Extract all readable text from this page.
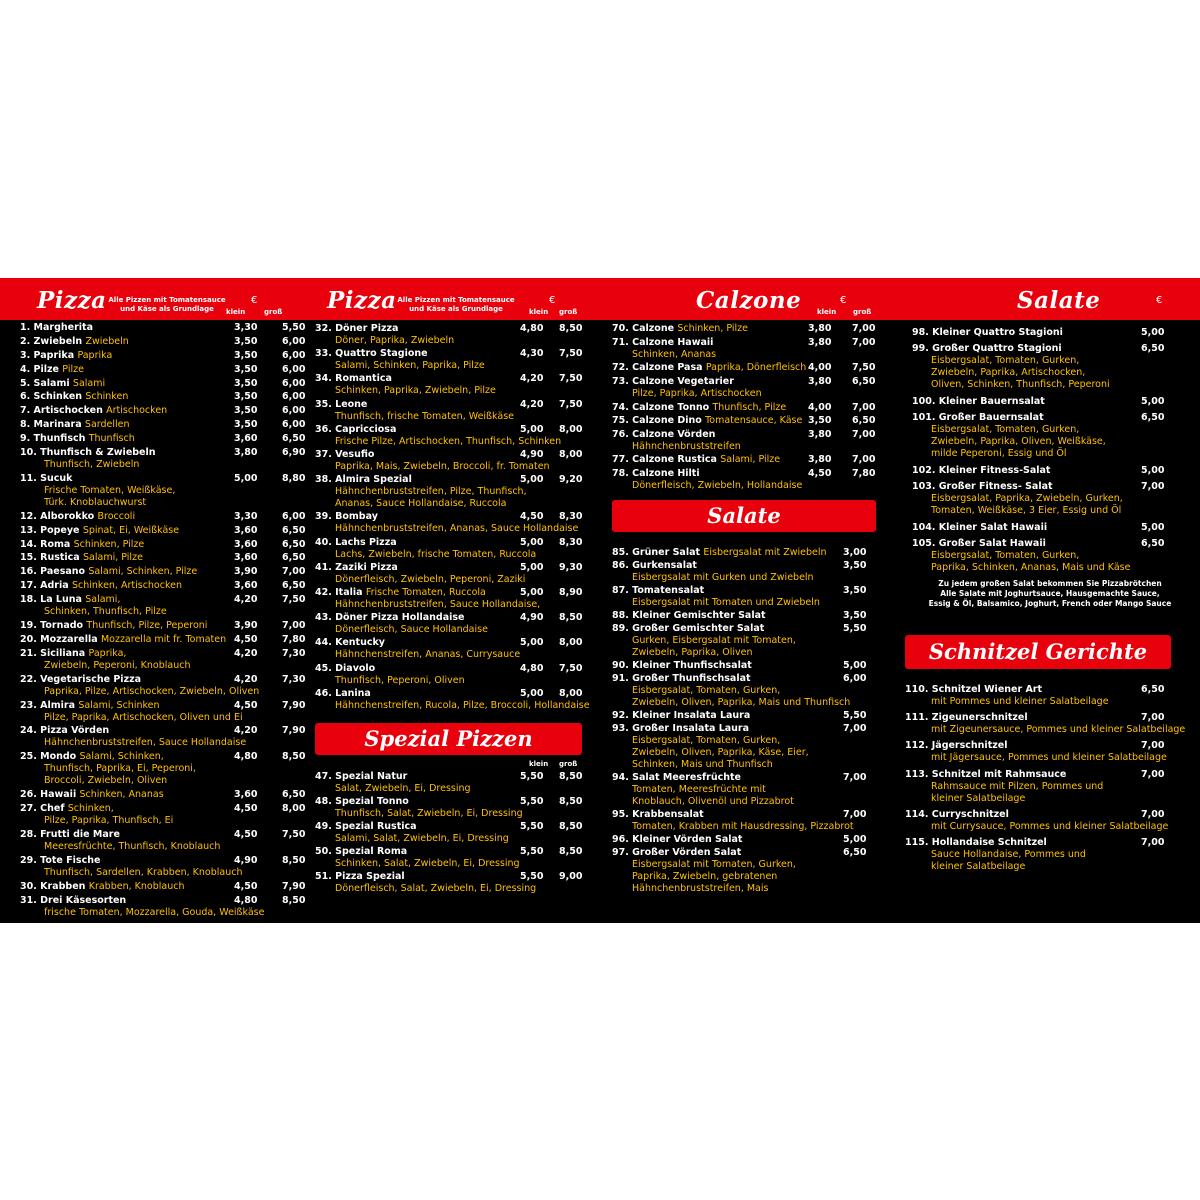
Pizza Alle Pizzen mit Tomatensauce
und Käse als Grundlage
€
klein	groß
1. Margherita	3,30	5,50
2. Zwiebeln Zwiebeln	3,50	6,00
3. Paprika Paprika	3,50	6,00
4. Pilze Pilze	3,50	6,00
5. Salami Salami	3,50	6,00
6. Schinken Schinken	3,50	6,00
7. Artischocken Artischocken	3,50	6,00
8. Marinara Sardellen	3,50	6,00
9. Thunfisch Thunfisch	3,60	6,50
10. Thunfisch & Zwiebeln
Thunfisch, Zwiebeln
3,80	6,90
11. Sucuk
Frische Tomaten, Weißkäse,
Türk. Knoblauchwurst
5,00	8,80
12. Alborokko Broccoli	3,30	6,00
13. Popeye Spinat, Ei, Weißkäse	3,60	6,50
14. Roma Schinken, Pilze	3,60	6,50
15. Rustica Salami, Pilze	3,60	6,50
16. Paesano Salami, Schinken, Pilze	3,90	7,00
17. Adria Schinken, Artischocken	3,60	6,50
18. La Luna Salami,
Schinken, Thunfisch, Pilze
4,20	7,50
19. Tornado Thunfisch, Pilze, Peperoni	3,90	7,00
20. Mozzarella Mozzarella mit fr. Tomaten 4,50	7,80
21. Siciliana Paprika,
Zwiebeln, Peperoni, Knoblauch
4,20	7,30
22. Vegetarische Pizza
Paprika, Pilze, Artischocken, Zwiebeln, Oliven
4,20	7,30
23. Almira Salami, Schinken
Pilze, Paprika, Artischocken, Oliven und Ei
4,50	7,90
24. Pizza Vörden
Hähnchenbruststreifen, Sauce Hollandaise
4,20	7,90
25. Mondo Salami, Schinken,
Thunfisch, Paprika, Ei, Peperoni,
Broccoli, Zwiebeln, Oliven
4,80	8,50
26. Hawaii Schinken, Ananas	3,60	6,50
27. Chef Schinken,
Pilze, Paprika, Thunfisch, Ei
4,50	8,00
28. Frutti die Mare
Meeresfrüchte, Thunfisch, Knoblauch
4,50	7,50
29. Tote Fische
Thunfisch, Sardellen, Krabben, Knoblauch
4,90	8,50
30. Krabben Krabben, Knoblauch	4,50	7,90
31. Drei Käsesorten
frische Tomaten, Mozzarella, Gouda, Weißkäse
4,80	8,50
Pizza Alle Pizzen mit Tomatensauce
und Käse als Grundlage
€
klein groß
32. Döner Pizza
Döner, Paprika, Zwiebeln
4,80 8,50
33. Quattro Stagione
Salami, Schinken, Paprika, Pilze
4,30 7,50
34. Romantica
Schinken, Paprika, Zwiebeln, Pilze
4,20 7,50
35. Leone
Thunfisch, frische Tomaten, Weißkäse
4,20 7,50
36. Capricciosa
Frische Pilze, Artischocken, Thunfisch, Schinken
5,00 8,00
37. Vesufio
Paprika, Mais, Zwiebeln, Broccoli, fr. Tomaten
4,90 8,00
38. Almira Spezial
Hähnchenbruststreifen, Pilze, Thunfisch,
Ananas, Sauce Hollandaise, Ruccola
5,00 9,20
39. Bombay
Hähnchenbruststreifen, Ananas, Sauce Hollandaise
4,50 8,30
40. Lachs Pizza
Lachs, Zwiebeln, frische Tomaten, Ruccola
5,00 8,30
41. Zaziki Pizza
Dönerfleisch, Zwiebeln, Peperoni, Zaziki
5,00 9,30
42. Italia Frische Tomaten, Ruccola
Hähnchenbruststreifen, Sauce Hollandaise,
5,00 8,90
43. Döner Pizza Hollandaise
Dönerfleisch, Sauce Hollandaise
4,90 8,50
44. Kentucky
Hähnchenstreifen, Ananas, Currysauce
5,00 8,00
45. Diavolo
Thunfisch, Peperoni, Oliven
4,80 7,50
46. Lanina
Hähnchenstreifen, Rucola, Pilze, Broccoli, Hollandaise
5,00 8,00
Spezial Pizzen
klein groß
47. Spezial Natur
Salat, Zwiebeln, Ei, Dressing
5,50 8,50
48. Spezial Tonno
Thunfisch, Salat, Zwiebeln, Ei, Dressing
5,50 8,50
49. Spezial Rustica
Salami, Salat, Zwiebeln, Ei, Dressing
5,50 8,50
50. Spezial Roma
Schinken, Salat, Zwiebeln, Ei, Dressing
5,50 8,50
51. Pizza Spezial
Dönerfleisch, Salat, Zwiebeln, Ei, Dressing
5,50 9,00
Calzone	€
klein groß
70. Calzone Schinken, Pilze	3,80 7,00
71. Calzone Hawaii
Schinken, Ananas
3,80 7,00
72. Calzone Pasa Paprika, Dönerfleisch 4,00 7,50
73. Calzone Vegetarier
Pilze, Paprika, Artischocken
3,80 6,50
74. Calzone Tonno Thunfisch, Pilze	4,00 7,00
75. Calzone Dino Tomatensauce, Käse 3,50 6,50
76. Calzone Vörden
Hähnchenbruststreifen
3,80 7,00
77. Calzone Rustica Salami, Pilze	3,80 7,00
78. Calzone Hilti
Dönerfleisch, Zwiebeln, Hollandaise
4,50 7,80
Salate
85. Grüner Salat Eisbergsalat mit Zwiebeln	3,00
86. Gurkensalat
Eisbergsalat mit Gurken und Zwiebeln
3,50
87. Tomatensalat
Eisbergsalat mit Tomaten und Zwiebeln
3,50
88. Kleiner Gemischter Salat	3,50
89. Großer Gemischter Salat
Gurken, Eisbergsalat mit Tomaten,
Zwiebeln, Paprika, Oliven
5,50
90. Kleiner Thunfischsalat	5,00
91. Großer Thunfischsalat
Eisbergsalat, Tomaten, Gurken,
Zwiebeln, Oliven, Paprika, Mais und Thunfisch
6,00
92. Kleiner Insalata Laura	5,50
93. Großer Insalata Laura
Eisbergsalat, Tomaten, Gurken,
Zwiebeln, Oliven, Paprika, Käse, Eier,
Schinken, Mais und Thunfisch
7,00
94. Salat Meeresfrüchte
Tomaten, Meeresfrüchte mit
Knoblauch, Olivenöl und Pizzabrot
7,00
95. Krabbensalat
Tomaten, Krabben mit Hausdressing, Pizzabrot
7,00
96. Kleiner Vörden Salat	5,00
97. Großer Vörden Salat
Eisbergsalat mit Tomaten, Gurken,
Paprika, Zwiebeln, gebratenen
Hähnchenbruststreifen, Mais
6,50
Salate	€
98. Kleiner Quattro Stagioni	5,00
99. Großer Quattro Stagioni
Eisbergsalat, Tomaten, Gurken,
Zwiebeln, Paprika, Artischocken,
Oliven, Schinken, Thunfisch, Peperoni
6,50
100. Kleiner Bauernsalat	5,00
101. Großer Bauernsalat
Eisbergsalat, Tomaten, Gurken,
Zwiebeln, Paprika, Oliven, Weißkäse,
milde Peperoni, Essig und Öl
6,50
102. Kleiner Fitness-Salat	5,00
103. Großer Fitness- Salat
Eisbergsalat, Paprika, Zwiebeln, Gurken,
Tomaten, Weißkäse, 3 Eier, Essig und Öl
7,00
104. Kleiner Salat Hawaii	5,00
105. Großer Salat Hawaii
Eisbergsalat, Tomaten, Gurken,
Paprika, Schinken, Ananas, Mais und Käse
6,50
Zu jedem großen Salat bekommen Sie Pizzabrötchen
Alle Salate mit Joghurtsauce, Hausgemachte Sauce,
Essig & Öl, Balsamico, Joghurt, French oder Mango Sauce
Schnitzel Gerichte
110. Schnitzel Wiener Art
mit Pommes und kleiner Salatbeilage
6,50
111. Zigeunerschnitzel
mit Zigeunersauce, Pommes und kleiner Salatbeilage
7,00
112. Jägerschnitzel
mit Jägersauce, Pommes und kleiner Salatbeilage
7,00
113. Schnitzel mit Rahmsauce
Rahmsauce mit Pilzen, Pommes und
kleiner Salatbeilage
7,00
114. Curryschnitzel
mit Currysauce, Pommes und kleiner Salatbeilage
7,00
115. Hollandaise Schnitzel
Sauce Hollandaise, Pommes und
kleiner Salatbeilage
7,00
